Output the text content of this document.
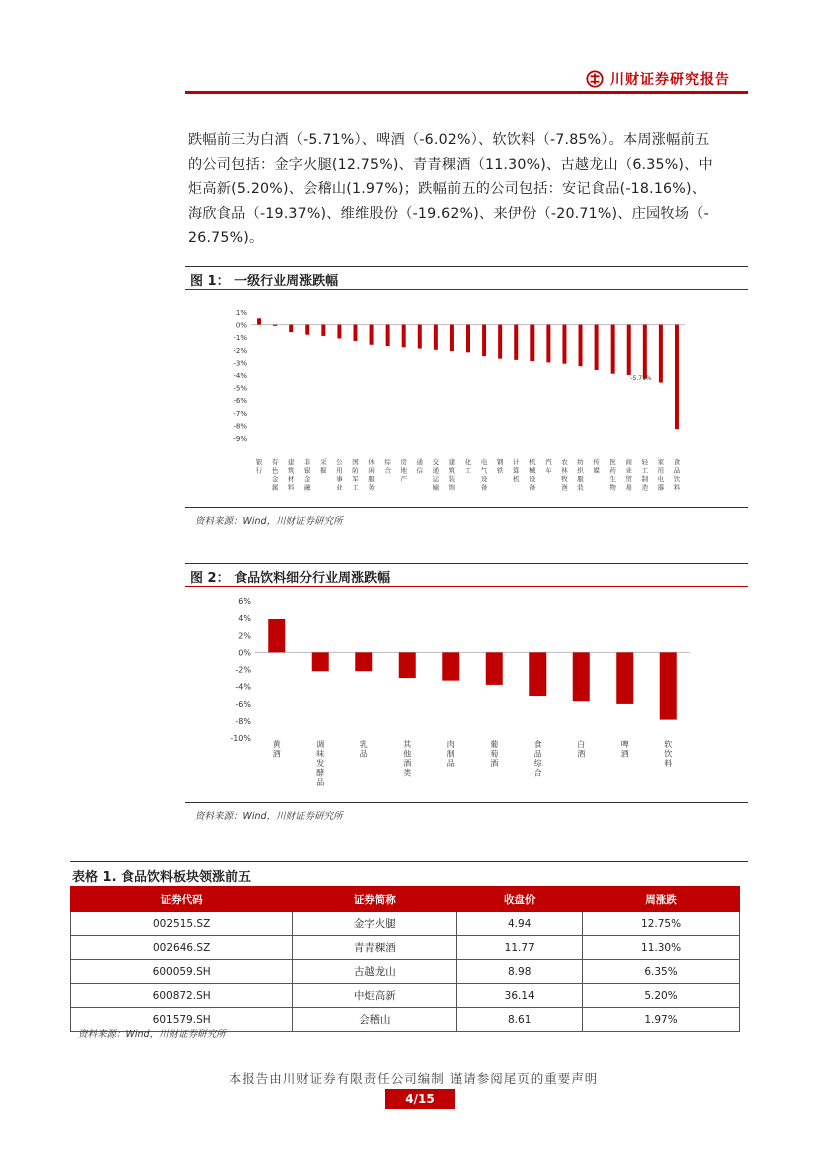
川财证券研究报告
跌幅前三为白酒（-5.71%）、啤酒（-6.02%）、软饮料（-7.85%）。本周涨幅前五
的公司包括：金字火腿(12.75%)、青青稞酒（11.30%)、古越龙山（6.35%)、中
炬高新(5.20%)、会稽山(1.97%)；跌幅前五的公司包括：安记食品(-18.16%)、
海欣食品（-19.37%)、维维股份（-19.62%)、来伊份（-20.71%)、庄园牧场（-
26.75%)。
图 1： 一级行业周涨跌幅
1%
0%
-1%
-2%
-3%
-4%
-5%
-6%
-7%
-8%
-9%
银
行
有
色
金
属
建
筑
材
料
非
银
金
融
采
掘
公
用
事
业
国
防
军
工
休
闲
服
务
综
合
房
地
产
通
信
交
通
运
输
建
筑
装
饰
化
工
电
气
设
备
钢
铁
计
算
机
机
械
设
备
汽
车
农
林
牧
渔
纺
织
服
装
传
媒
医
药
生
物
商
业
贸
易
轻
工
制
造
家
用
电
器
食
品
饮
料
-5.71%
资料来源：Wind，川财证券研究所
图 2： 食品饮料细分行业周涨跌幅
6%
4%
2%
0%
-2%
-4%
-6%
-8%
-10%
黄
酒
调
味
发
酵
品
乳
品
其
他
酒
类
肉
制
品
葡
萄
酒
食
品
综
合
白
酒
啤
酒
软
饮
料
资料来源：Wind，川财证券研究所
表格 1. 食品饮料板块领涨前五
证券代码	证券简称	收盘价	周涨跌
002515.SZ	金字火腿	4.94	12.75%
002646.SZ	青青稞酒	11.77	11.30%
600059.SH	古越龙山	8.98	6.35%
600872.SH	中炬高新	36.14	5.20%
601579.SH	会稽山	8.61	1.97%
资料来源：Wind，川财证券研究所
本报告由川财证券有限责任公司编制 谨请参阅尾页的重要声明
4/15
